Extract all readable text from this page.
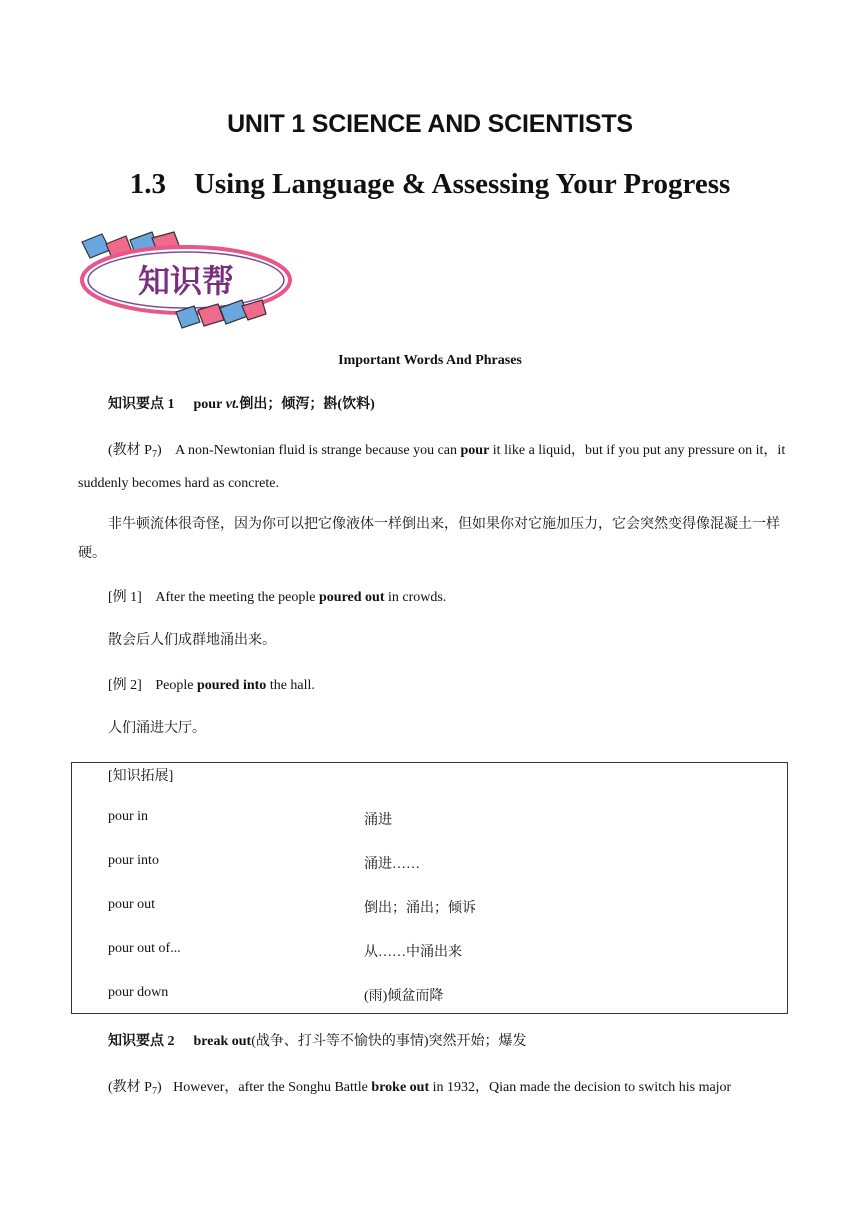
UNIT 1 SCIENCE AND SCIENTISTS
1.3 Using Language & Assessing Your Progress
知识帮
Important Words And Phrases
知识要点 1 pour vt.倒出；倾泻；斟(饮料)
(教材 $P_7$) A non-Newtonian fluid is strange because you can pour it like a liquid，but if you put any pressure on it，it suddenly becomes hard as concrete.
非牛顿流体很奇怪，因为你可以把它像液体一样倒出来，但如果你对它施加压力，它会突然变得像混凝土一样硬。
[例 1] After the meeting the people poured out in crowds.
散会后人们成群地涌出来。
[例 2] People poured into the hall.
人们涌进大厅。
[知识拓展]
pour in	涌进
pour into	涌进……
pour out	倒出；涌出；倾诉
pour out of...	从……中涌出来
pour down	(雨)倾盆而降
知识要点 2 break out(战争、打斗等不愉快的事情)突然开始；爆发
(教材 $P_7$) However，after the Songhu Battle broke out in 1932，Qian made the decision to switch his major
